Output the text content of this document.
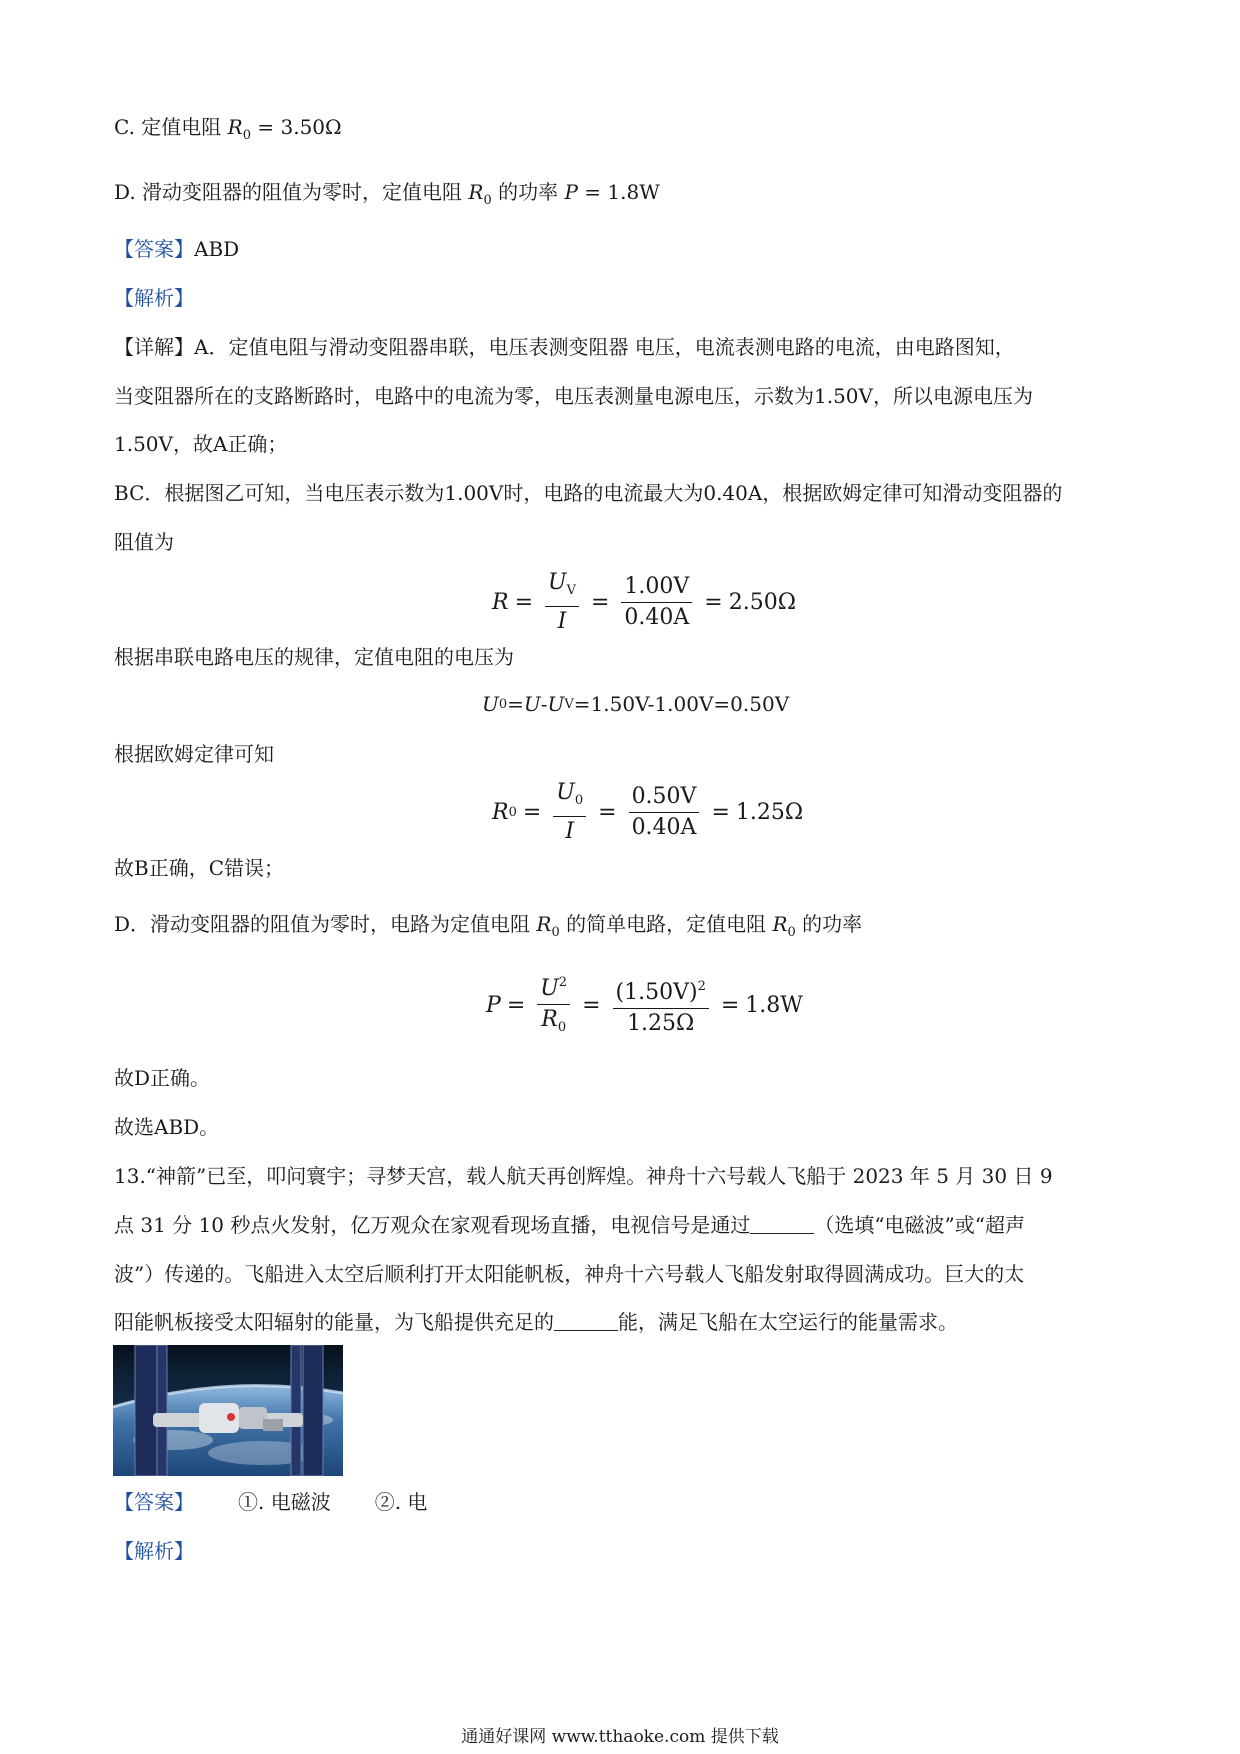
C. 定值电阻 $R_0 = 3.50\Omega$
D. 滑动变阻器的阻值为零时，定值电阻 $R_0$ 的功率 P = 1.8W
【答案】ABD
【解析】
【详解】A．定值电阻与滑动变阻器串联，电压表测变阻器 电压，电流表测电路的电流，由电路图知，
当变阻器所在的支路断路时，电路中的电流为零，电压表测量电源电压，示数为1.50V，所以电源电压为
1.50V，故A正确；
BC．根据图乙可知，当电压表示数为1.00V时，电路的电流最大为0.40A，根据欧姆定律可知滑动变阻器的
阻值为
$R = \frac{U_V}{I} = \frac{1.00V}{0.40A} = 2.50\Omega$
根据串联电路电压的规律，定值电阻的电压为
U 0 = U - U V =1.50V-1.00V=0.50V
根据欧姆定律可知
R $0 = \frac{U_0}{I} = \frac{0.50V}{0.40A} = 1.25\Omega$
故B正确，C错误；
D．滑动变阻器的阻值为零时，电路为定值电阻 $R_0$ 的简单电路，定值电阻 $R_0$ 的功率
$P = \frac{U^2}{R_0} = \frac{(1.50V)^2}{1.25\Omega} = 1.8W$
故D正确。
故选ABD。
13.“神箭”已至，叩问寰宇；寻梦天宫，载人航天再创辉煌。神舟十六号载人飞船于 2023 年 5 月 30 日 9
点 31 分 10 秒点火发射，亿万观众在家观看现场直播，电视信号是通过	（选填“电磁波”或“超声
波”）传递的。飞船进入太空后顺利打开太阳能帆板，神舟十六号载人飞船发射取得圆满成功。巨大的太
阳能帆板接受太阳辐射的能量，为飞船提供充足的	能，满足飞船在太空运行的能量需求。
【答案】 ①. 电磁波 ②. 电
【解析】
通通好课网 www.tthaoke.com 提供下载
